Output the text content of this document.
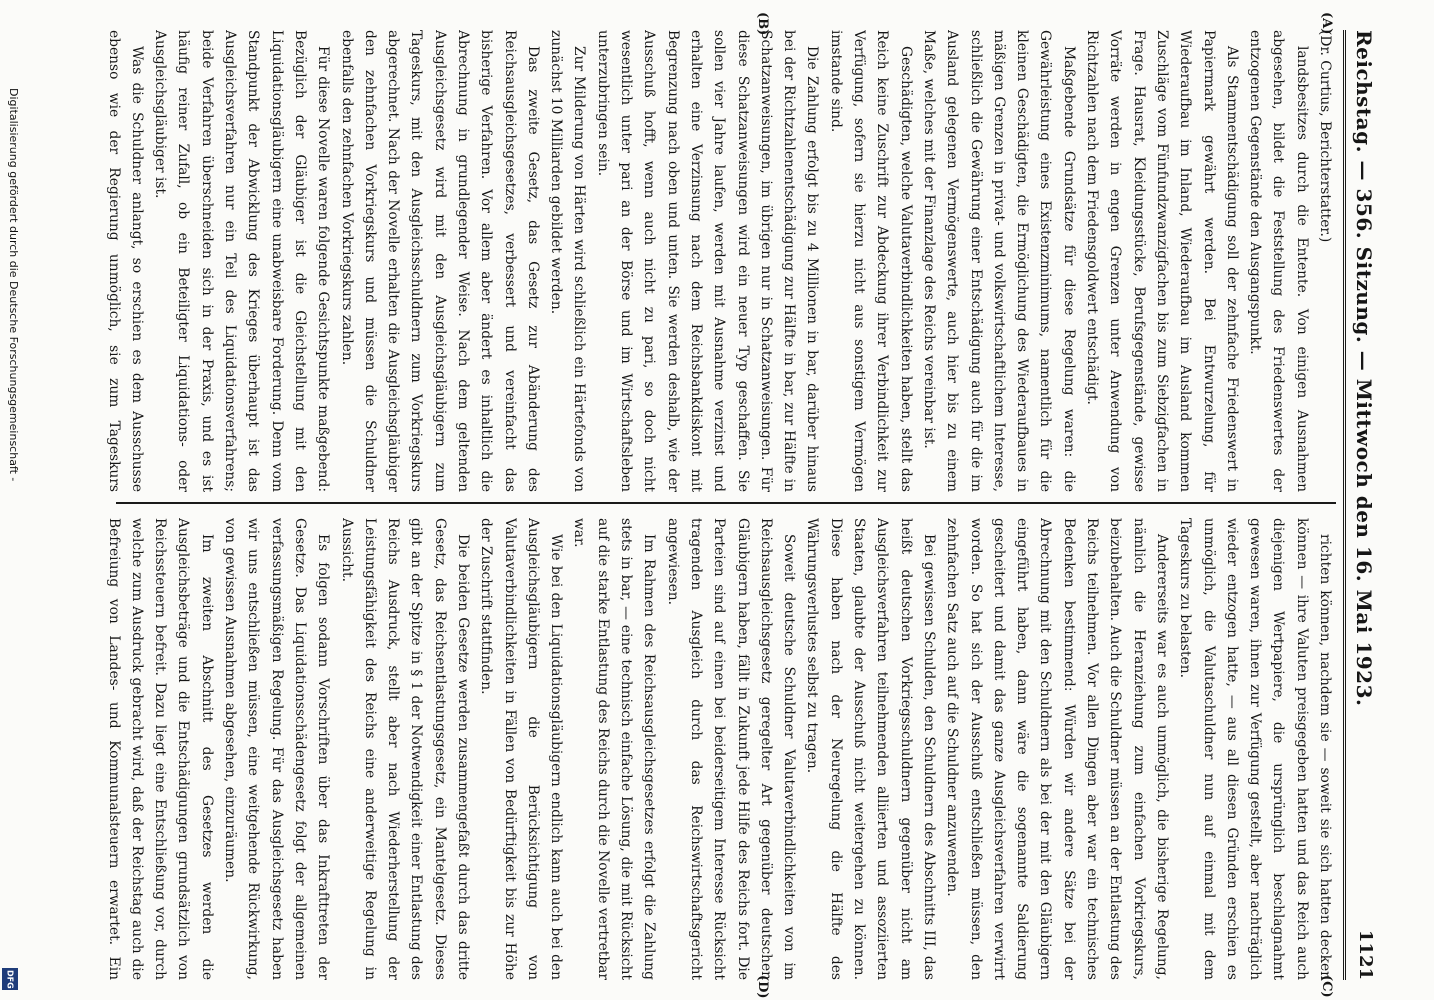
Digitalisierung gefördert durch die Deutsche Forschungsgemeinschaft -
DFG
Reichstag. — 356. Sitzung. — Mittwoch den 16. Mai 1923.
1121
(A)
(B)
(C)
(D)

(Dr. Curtius, Berichterstatter.)

landsbesitzes durch die Entente. Von einigen Ausnahmen abgesehen, bildet die Feststellung des Friedenswertes der entzogenen Gegenstände den Ausgangspunkt.

Als Stammentschädigung soll der zehnfache Friedenswert in Papiermark gewährt werden. Bei Entwurzelung, für Wiederaufbau im Inland, Wiederaufbau im Ausland kommen Zuschläge vom Fünfundzwanzigfachen bis zum Siebzigfachen in Frage. Hausrat, Kleidungsstücke, Berufsgegenstände, gewisse Vorräte werden in engen Grenzen unter Anwendung von Richtzahlen nach dem Friedensgoldwert entschädigt.

Maßgebende Grundsätze für diese Regelung waren: die Gewährleistung eines Existenzminimums, namentlich für die kleinen Geschädigten, die Ermöglichung des Wiederaufbaues in mäßigen Grenzen in privat- und volkswirtschaftlichem Interesse, schließlich die Gewährung einer Entschädigung auch für die im Ausland gelegenen Vermögenswerte, auch hier bis zu einem Maße, welches mit der Finanzlage des Reichs vereinbar ist.

Geschädigten, welche Valutaverbindlichkeiten haben, stellt das Reich keine Zuschrift zur Abdeckung ihrer Verbindlichkeit zur Verfügung, sofern sie hierzu nicht aus sonstigem Vermögen imstande sind.

Die Zahlung erfolgt bis zu 4 Millionen in bar, darüber hinaus bei der Richtzahlenentschädigung zur Hälfte in bar, zur Hälfte in Schatzanweisungen, im übrigen nur in Schatzanweisungen. Für diese Schatzanweisungen wird ein neuer Typ geschaffen. Sie sollen vier Jahre laufen, werden mit Ausnahme verzinst und erhalten eine Verzinsung nach dem Reichsbankdiskont mit Begrenzung nach oben und unten. Sie werden deshalb, wie der Ausschuß hofft, wenn auch nicht zu pari, so doch nicht wesentlich unter pari an der Börse und im Wirtschaftsleben unterzubringen sein.

Zur Milderung von Härten wird schließlich ein Härtefonds von zunächst 10 Milliarden gebildet werden.

Das zweite Gesetz, das Gesetz zur Abänderung des Reichsausgleichsgesetzes, verbessert und vereinfacht das bisherige Verfahren. Vor allem aber ändert es inhaltlich die Abrechnung in grundlegender Weise. Nach dem geltenden Ausgleichsgesetz wird mit den Ausgleichsgläubigern zum Tageskurs, mit den Ausgleichsschuldnern zum Vorkriegskurs abgerechnet. Nach der Novelle erhalten die Ausgleichsgläubiger den zehnfachen Vorkriegskurs und müssen die Schuldner ebenfalls den zehnfachen Vorkriegskurs zahlen.

Für diese Novelle waren folgende Gesichtspunkte maßgebend: Bezüglich der Gläubiger ist die Gleichstellung mit den Liquidationsgläubigern eine unabweisbare Forderung. Denn vom Standpunkt der Abwicklung des Krieges überhaupt ist das Ausgleichsverfahren nur ein Teil des Liquidationsverfahrens; beide Verfahren überschneiden sich in der Praxis, und es ist häufig reiner Zufall, ob ein Beteiligter Liquidations- oder Ausgleichsgläubiger ist.

Was die Schuldner anlangt, so erschien es dem Ausschusse ebenso wie der Regierung unmöglich, sie zum Tageskurs

richten können, nachdem sie — soweit sie sich hatten decken können — ihre Valuten preisgegeben hatten und das Reich auch diejenigen Wertpapiere, die ursprünglich beschlagnahmt gewesen waren, ihnen zur Verfügung gestellt, aber nachträglich wieder entzogen hatte, — aus all diesen Gründen erschien es unmöglich, die Valutaschuldner nun auf einmal mit dem Tageskurs zu belasten.

Andererseits war es auch unmöglich, die bisherige Regelung, nämlich die Heranziehung zum einfachen Vorkriegskurs, beizubehalten. Auch die Schuldner müssen an der Entlastung des Reichs teilnehmen. Vor allen Dingen aber war ein technisches Bedenken bestimmend: Würden wir andere Sätze bei der Abrechnung mit den Schuldnern als bei der mit den Gläubigern eingeführt haben, dann wäre die sogenannte Saldierung gescheitert und damit das ganze Ausgleichsverfahren verwirrt worden. So hat sich der Ausschuß entschließen müssen, den zehnfachen Satz auch auf die Schuldner anzuwenden.

Bei gewissen Schulden, den Schuldnern des Abschnitts III, das heißt deutschen Vorkriegsschuldnern gegenüber nicht am Ausgleichsverfahren teilnehmenden alliierten und assoziierten Staaten, glaubte der Ausschuß nicht weitergehen zu können. Diese haben nach der Neuregelung die Hälfte des Währungsverlustes selbst zu tragen.

Soweit deutsche Schuldner Valutaverbindlichkeiten von im Reichsausgleichsgesetz geregelter Art gegenüber deutschen Gläubigern haben, fällt in Zukunft jede Hilfe des Reichs fort. Die Parteien sind auf einen bei beiderseitigem Interesse Rücksicht tragenden Ausgleich durch das Reichswirtschaftsgericht angewiesen.

Im Rahmen des Reichsausgleichsgesetzes erfolgt die Zahlung stets in bar, — eine technisch einfache Lösung, die mit Rücksicht auf die starke Entlastung des Reichs durch die Novelle vertretbar war.

Wie bei den Liquidationsgläubigern endlich kann auch bei den Ausgleichsgläubigern die Berücksichtigung von Valutaverbindlichkeiten in Fällen von Bedürftigkeit bis zur Höhe der Zuschrift stattfinden.

Die beiden Gesetze werden zusammengefaßt durch das dritte Gesetz, das Reichsentlastungsgesetz, ein Mantelgesetz. Dieses gibt an der Spitze in § 1 der Notwendigkeit einer Entlastung des Reichs Ausdruck, stellt aber nach Wiederherstellung der Leistungsfähigkeit des Reichs eine anderweitige Regelung in Aussicht.

Es folgen sodann Vorschriften über das Inkrafttreten der Gesetze. Das Liquidationsschädengesetz folgt der allgemeinen verfassungsmäßigen Regelung. Für das Ausgleichsgesetz haben wir uns entschließen müssen, eine weitgehende Rückwirkung, von gewissen Ausnahmen abgesehen, einzuräumen.

Im zweiten Abschnitt des Gesetzes werden die Ausgleichsbeträge und die Entschädigungen grundsätzlich von Reichssteuern befreit. Dazu liegt eine Entschließung vor, durch welche zum Ausdruck gebracht wird, daß der Reichstag auch die Befreiung von Landes- und Kommunalsteuern erwartet. Ein
